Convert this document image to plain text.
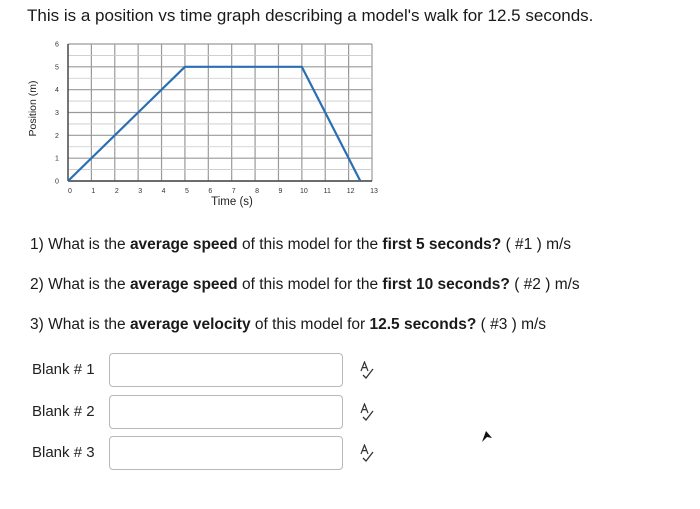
This is a position vs time graph describing a model's walk for 12.5 seconds.
0	1	2	3	4	5	6	7	8	9	10 11 12 13
0
1
2
3
4
5
6
Time (s)
Position (m)
1) What is the average speed of this model for the first 5 seconds? ( #1 ) m/s
2) What is the average speed of this model for the first 10 seconds? ( #2 ) m/s
3) What is the average velocity of this model for 12.5 seconds? ( #3 ) m/s
Blank # 1
Blank # 2
Blank # 3
